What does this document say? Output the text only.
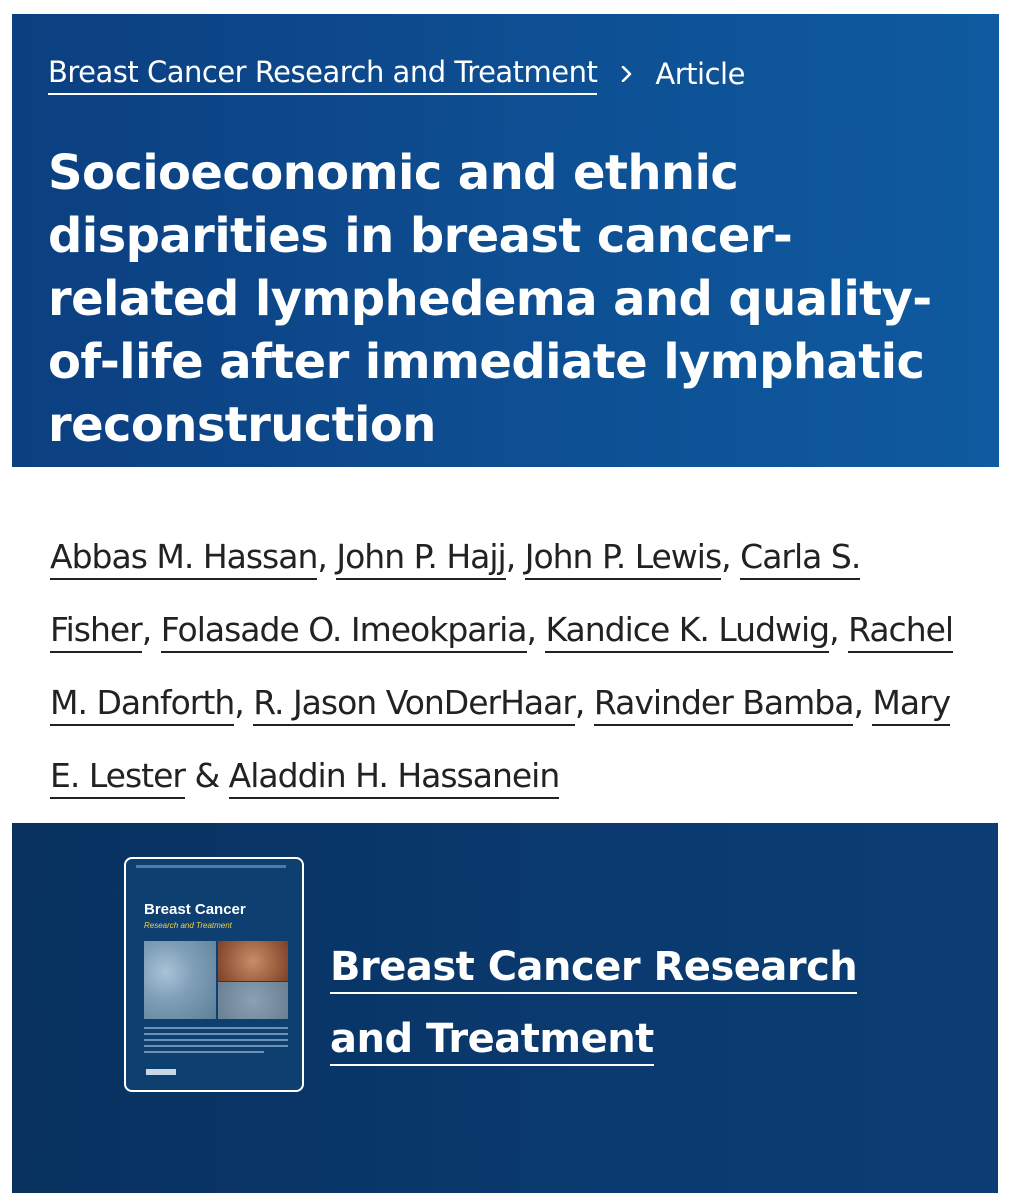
Breast Cancer Research and Treatment Article
Socioeconomic and ethnic disparities in breast cancer-related lymphedema and quality-of-life after immediate lymphatic reconstruction
Abbas M. Hassan, John P. Hajj, John P. Lewis, Carla S. Fisher, Folasade O. Imeokparia, Kandice K. Ludwig, Rachel M. Danforth, R. Jason VonDerHaar, Ravinder Bamba, Mary E. Lester & Aladdin H. Hassanein
Breast Cancer
Research and Treatment
Breast Cancer Research and Treatment
